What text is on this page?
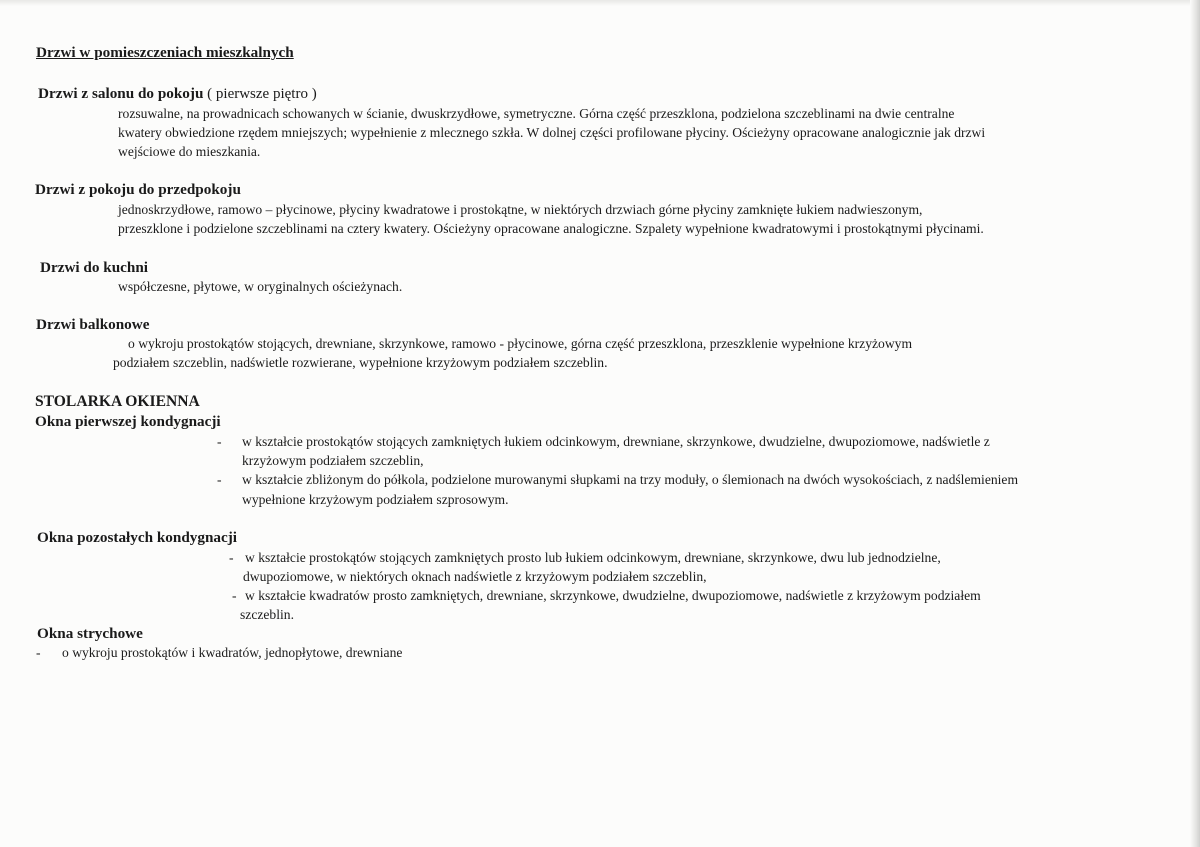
Drzwi w pomieszczeniach mieszkalnych
Drzwi z salonu do pokoju ( pierwsze piętro )
rozsuwalne, na prowadnicach schowanych w ścianie, dwuskrzydłowe, symetryczne. Górna część przeszklona, podzielona szczeblinami na dwie centralne
kwatery obwiedzione rzędem mniejszych; wypełnienie z mlecznego szkła. W dolnej części profilowane płyciny. Ościeżyny opracowane analogicznie jak drzwi
wejściowe do mieszkania.
Drzwi z pokoju do przedpokoju
jednoskrzydłowe, ramowo – płycinowe, płyciny kwadratowe i prostokątne, w niektórych drzwiach górne płyciny zamknięte łukiem nadwieszonym,
przeszklone i podzielone szczeblinami na cztery kwatery. Ościeżyny opracowane analogiczne. Szpalety wypełnione kwadratowymi i prostokątnymi płycinami.
Drzwi do kuchni
współczesne, płytowe, w oryginalnych ościeżynach.
Drzwi balkonowe
o wykroju prostokątów stojących, drewniane, skrzynkowe, ramowo - płycinowe, górna część przeszklona, przeszklenie wypełnione krzyżowym
podziałem szczeblin, nadświetle rozwierane, wypełnione krzyżowym podziałem szczeblin.
STOLARKA OKIENNA
Okna pierwszej kondygnacji
- w kształcie prostokątów stojących zamkniętych łukiem odcinkowym, drewniane, skrzynkowe, dwudzielne, dwupoziomowe, nadświetle z
krzyżowym podziałem szczeblin,
- w kształcie zbliżonym do półkola, podzielone murowanymi słupkami na trzy moduły, o ślemionach na dwóch wysokościach, z nadślemieniem
wypełnione krzyżowym podziałem szprosowym.
Okna pozostałych kondygnacji
- w kształcie prostokątów stojących zamkniętych prosto lub łukiem odcinkowym, drewniane, skrzynkowe, dwu lub jednodzielne,
dwupoziomowe, w niektórych oknach nadświetle z krzyżowym podziałem szczeblin,
- w kształcie kwadratów prosto zamkniętych, drewniane, skrzynkowe, dwudzielne, dwupoziomowe, nadświetle z krzyżowym podziałem
szczeblin.
Okna strychowe
- o wykroju prostokątów i kwadratów, jednopłytowe, drewniane
